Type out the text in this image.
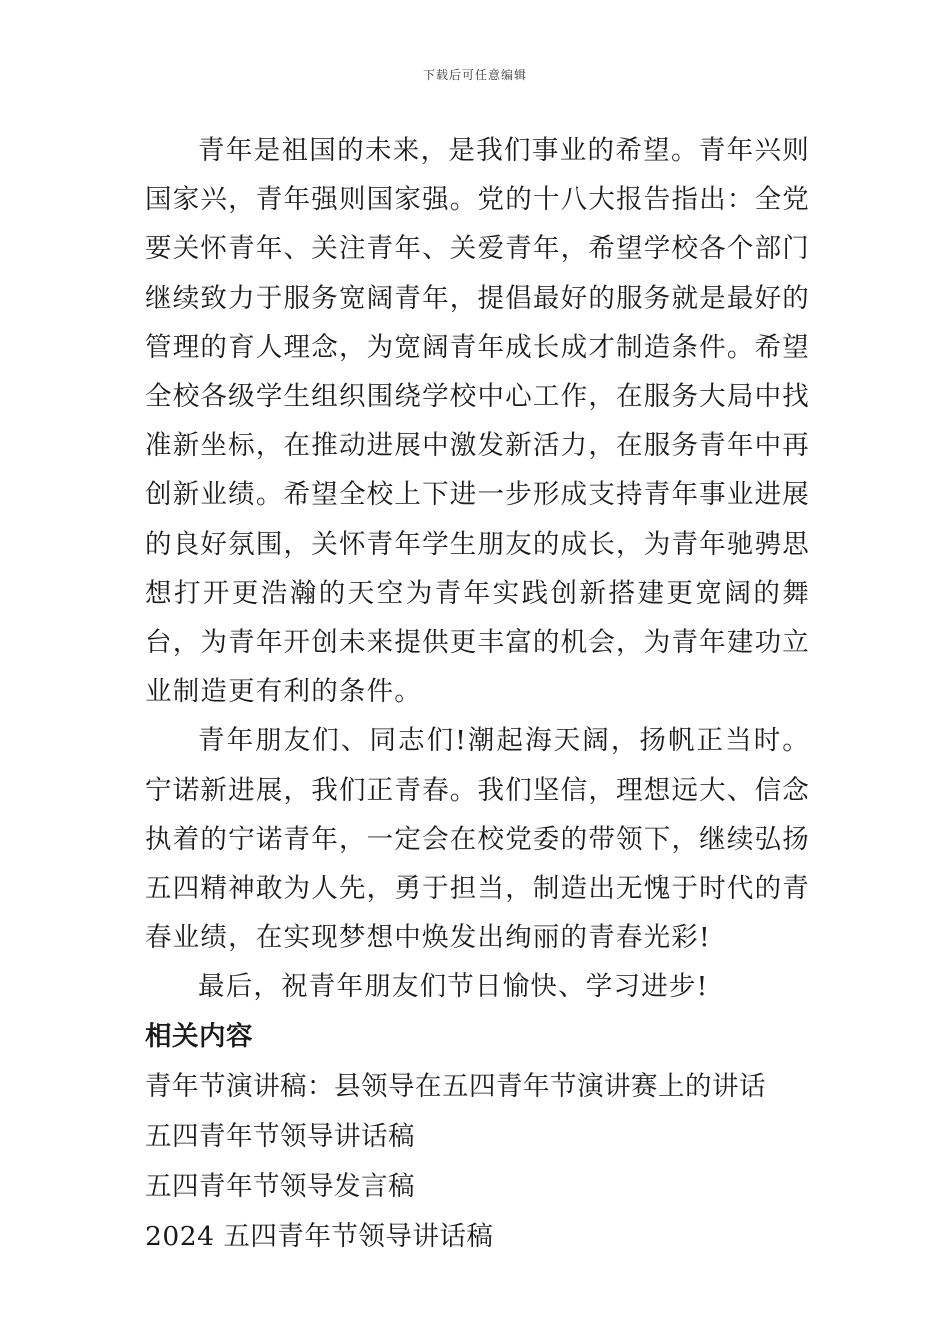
下载后可任意编辑

青年是祖国的未来，是我们事业的希望。青年兴则国家兴，青年强则国家强。党的十八大报告指出：全党要关怀青年、关注青年、关爱青年，希望学校各个部门继续致力于服务宽阔青年，提倡最好的服务就是最好的管理的育人理念，为宽阔青年成长成才制造条件。希望全校各级学生组织围绕学校中心工作，在服务大局中找准新坐标，在推动进展中激发新活力，在服务青年中再创新业绩。希望全校上下进一步形成支持青年事业进展的良好氛围，关怀青年学生朋友的成长，为青年驰骋思想打开更浩瀚的天空为青年实践创新搭建更宽阔的舞台，为青年开创未来提供更丰富的机会，为青年建功立业制造更有利的条件。

青年朋友们、同志们!潮起海天阔，扬帆正当时。宁诺新进展，我们正青春。我们坚信，理想远大、信念执着的宁诺青年，一定会在校党委的带领下，继续弘扬五四精神敢为人先，勇于担当，制造出无愧于时代的青春业绩，在实现梦想中焕发出绚丽的青春光彩!

最后，祝青年朋友们节日愉快、学习进步!

相关内容
青年节演讲稿：县领导在五四青年节演讲赛上的讲话
五四青年节领导讲话稿
五四青年节领导发言稿
2024 五四青年节领导讲话稿
